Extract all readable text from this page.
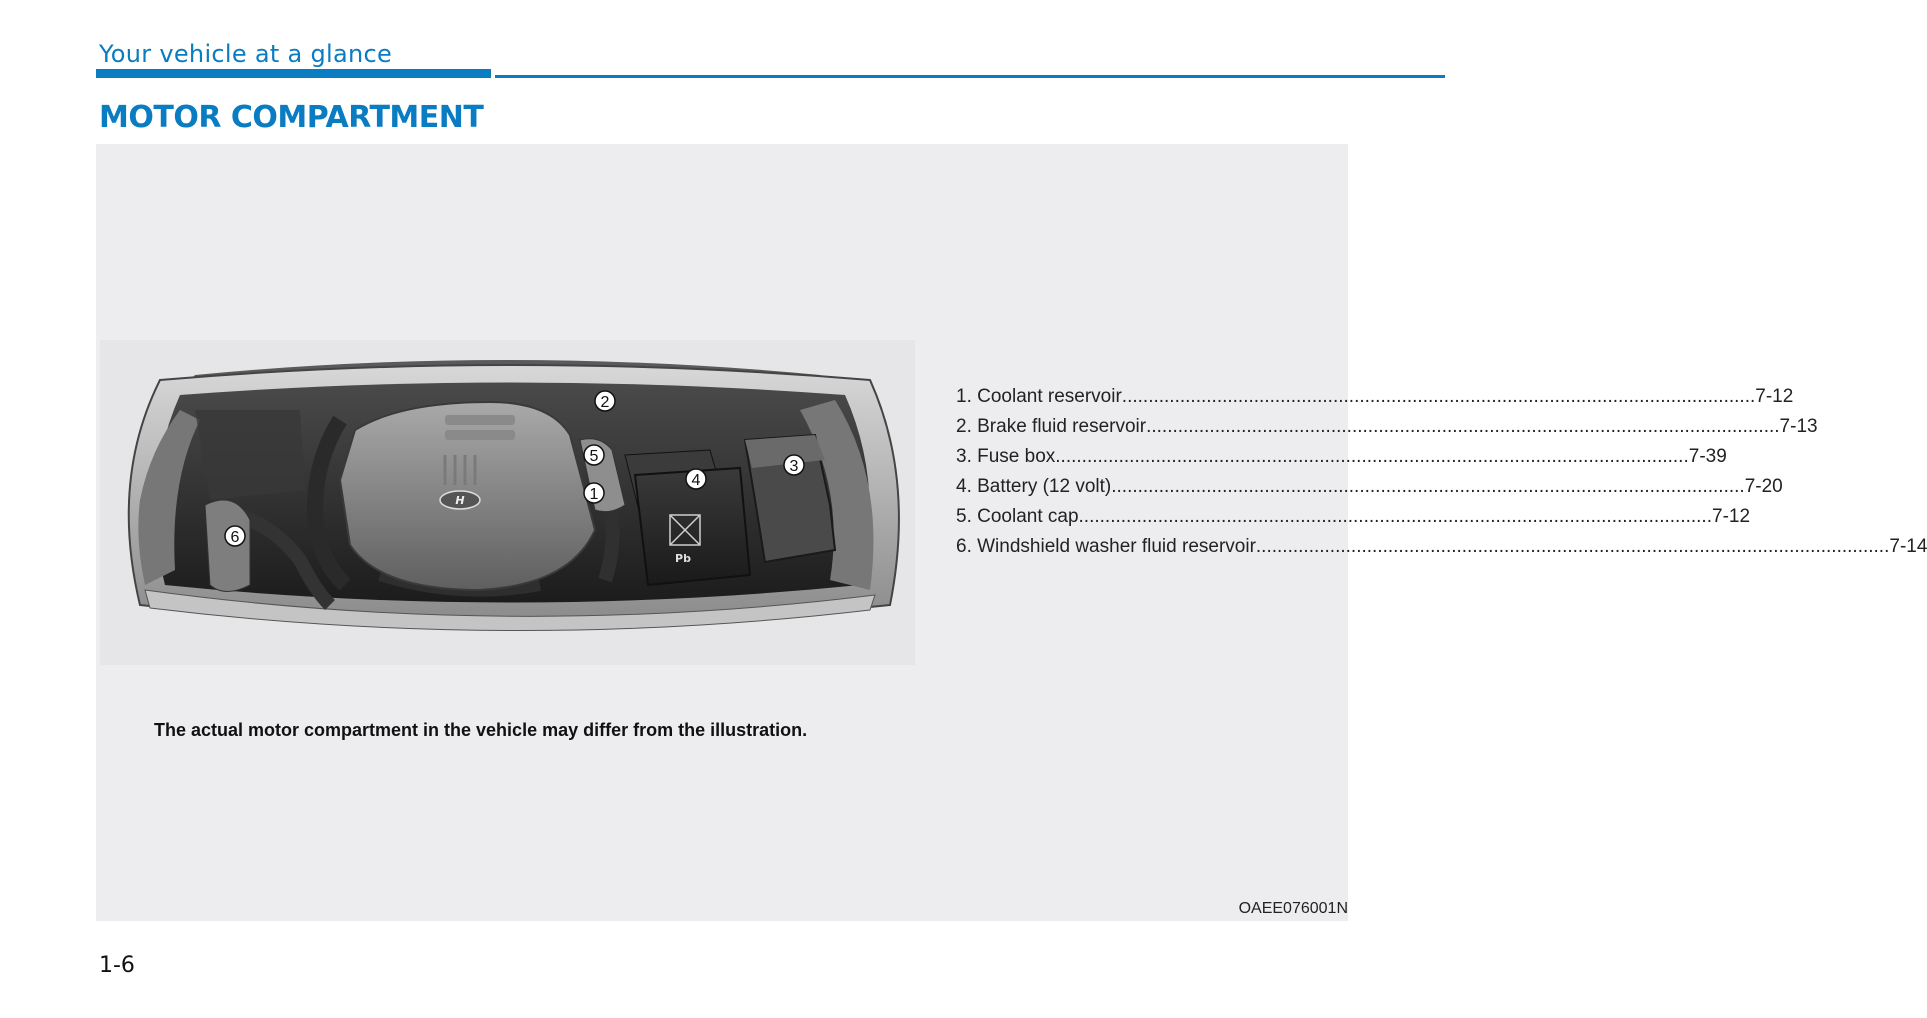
Your vehicle at a glance
MOTOR COMPARTMENT
H
Pb
1
2
3
4
5
6
1. Coolant reservoir ........................................................................................................................ 7-12
2. Brake fluid reservoir ........................................................................................................................ 7-13
3. Fuse box ........................................................................................................................ 7-39
4. Battery (12 volt) ........................................................................................................................ 7-20
5. Coolant cap ........................................................................................................................ 7-12
6. Windshield washer fluid reservoir ........................................................................................................................ 7-14
The actual motor compartment in the vehicle may differ from the illustration.
OAEE076001N
1-6
